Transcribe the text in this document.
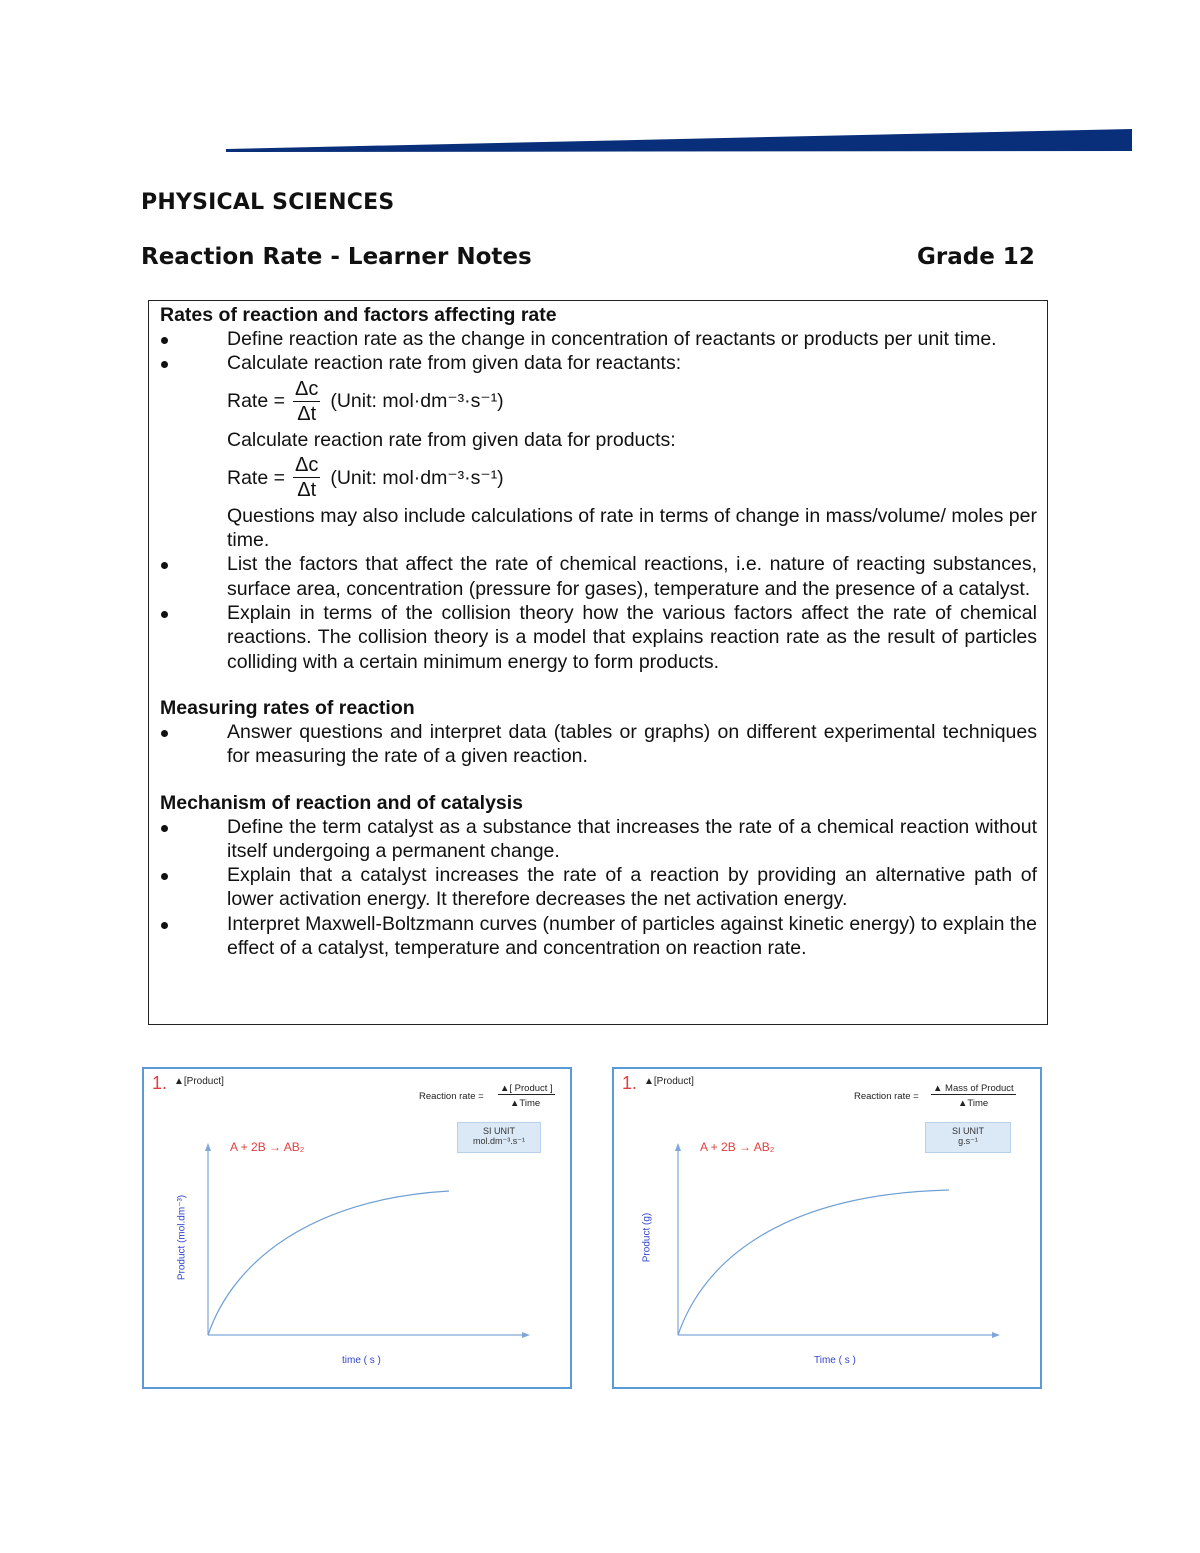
PHYSICAL SCIENCES
Reaction Rate - Learner Notes	Grade 12
Rates of reaction and factors affecting rate
Define reaction rate as the change in concentration of reactants or products per unit time.
Calculate reaction rate from given data for reactants:
Rate = $\frac{\Delta c}{\Delta t}$ (Unit: mol·dm⁻³·s⁻¹)
Calculate reaction rate from given data for products:
Rate = $\frac{\Delta c}{\Delta t}$ (Unit: mol·dm⁻³·s⁻¹)
Questions may also include calculations of rate in terms of change in mass/volume/ moles per time.
List the factors that affect the rate of chemical reactions, i.e. nature of reacting substances, surface area, concentration (pressure for gases), temperature and the presence of a catalyst.
Explain in terms of the collision theory how the various factors affect the rate of chemical reactions. The collision theory is a model that explains reaction rate as the result of particles colliding with a certain minimum energy to form products.
Measuring rates of reaction
Answer questions and interpret data (tables or graphs) on different experimental techniques for measuring the rate of a given reaction.
Mechanism of reaction and of catalysis
Define the term catalyst as a substance that increases the rate of a chemical reaction without itself undergoing a permanent change.
Explain that a catalyst increases the rate of a reaction by providing an alternative path of lower activation energy. It therefore decreases the net activation energy.
Interpret Maxwell-Boltzmann curves (number of particles against kinetic energy) to explain the effect of a catalyst, temperature and concentration on reaction rate.
1. ▲[Product]
Reaction rate =
▲[ Product ]
▲Time
SI UNIT
mol.dm⁻³.s⁻¹
A + 2B → AB₂
Product (mol.dm⁻³)
time ( s )
1. ▲[Product]
Reaction rate =
▲ Mass of Product
▲Time
SI UNIT
g.s⁻¹
A + 2B → AB₂
Product (g)
Time ( s )
